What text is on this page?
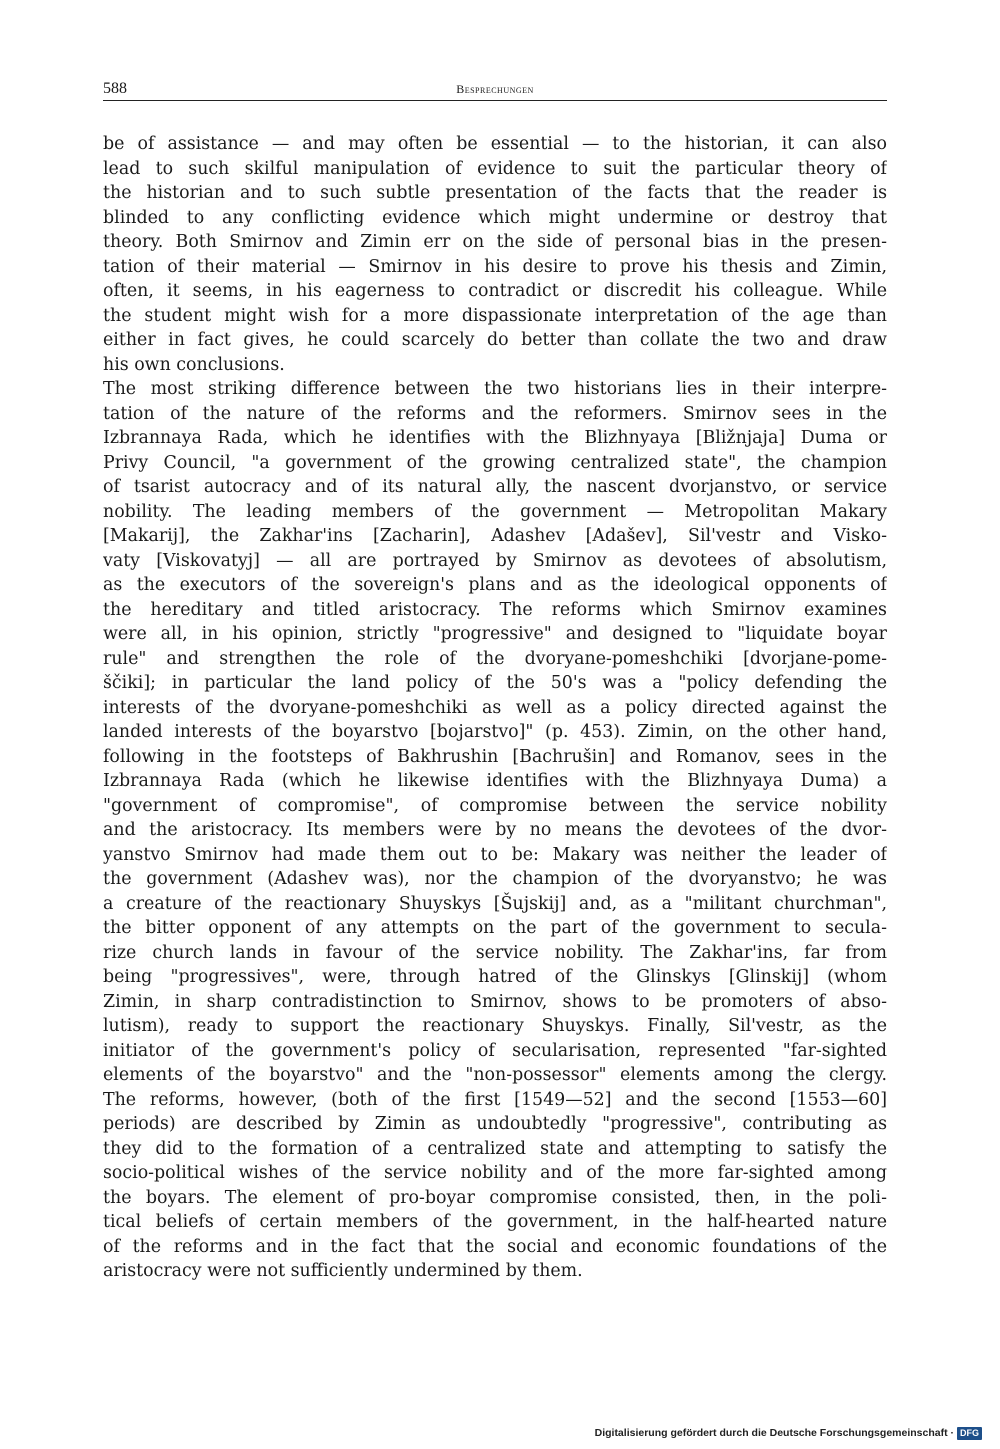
588	Besprechungen
be of assistance — and may often be essential — to the historian, it can also
lead to such skilful manipulation of evidence to suit the particular theory of
the historian and to such subtle presentation of the facts that the reader is
blinded to any conflicting evidence which might undermine or destroy that
theory. Both Smirnov and Zimin err on the side of personal bias in the presen-
tation of their material — Smirnov in his desire to prove his thesis and Zimin,
often, it seems, in his eagerness to contradict or discredit his colleague. While
the student might wish for a more dispassionate interpretation of the age than
either in fact gives, he could scarcely do better than collate the two and draw
his own conclusions.
The most striking difference between the two historians lies in their interpre-
tation of the nature of the reforms and the reformers. Smirnov sees in the
Izbrannaya Rada, which he identifies with the Blizhnyaya [Bližnjaja] Duma or
Privy Council, "a government of the growing centralized state", the champion
of tsarist autocracy and of its natural ally, the nascent dvorjanstvo, or service
nobility. The leading members of the government — Metropolitan Makary
[Makarij], the Zakhar'ins [Zacharin], Adashev [Adašev], Sil'vestr and Visko-
vaty [Viskovatyj] — all are portrayed by Smirnov as devotees of absolutism,
as the executors of the sovereign's plans and as the ideological opponents of
the hereditary and titled aristocracy. The reforms which Smirnov examines
were all, in his opinion, strictly "progressive" and designed to "liquidate boyar
rule" and strengthen the role of the dvoryane-pomeshchiki [dvorjane-pome-
ščiki]; in particular the land policy of the 50's was a "policy defending the
interests of the dvoryane-pomeshchiki as well as a policy directed against the
landed interests of the boyarstvo [bojarstvo]" (p. 453). Zimin, on the other hand,
following in the footsteps of Bakhrushin [Bachrušin] and Romanov, sees in the
Izbrannaya Rada (which he likewise identifies with the Blizhnyaya Duma) a
"government of compromise", of compromise between the service nobility
and the aristocracy. Its members were by no means the devotees of the dvor-
yanstvo Smirnov had made them out to be: Makary was neither the leader of
the government (Adashev was), nor the champion of the dvoryanstvo; he was
a creature of the reactionary Shuyskys [Šujskij] and, as a "militant churchman",
the bitter opponent of any attempts on the part of the government to secula-
rize church lands in favour of the service nobility. The Zakhar'ins, far from
being "progressives", were, through hatred of the Glinskys [Glinskij] (whom
Zimin, in sharp contradistinction to Smirnov, shows to be promoters of abso-
lutism), ready to support the reactionary Shuyskys. Finally, Sil'vestr, as the
initiator of the government's policy of secularisation, represented "far-sighted
elements of the boyarstvo" and the "non-possessor" elements among the clergy.
The reforms, however, (both of the first [1549—52] and the second [1553—60]
periods) are described by Zimin as undoubtedly "progressive", contributing as
they did to the formation of a centralized state and attempting to satisfy the
socio-political wishes of the service nobility and of the more far-sighted among
the boyars. The element of pro-boyar compromise consisted, then, in the poli-
tical beliefs of certain members of the government, in the half-hearted nature
of the reforms and in the fact that the social and economic foundations of the
aristocracy were not sufficiently undermined by them.
Digitalisierung gefördert durch die Deutsche Forschungsgemeinschaft · DFG
